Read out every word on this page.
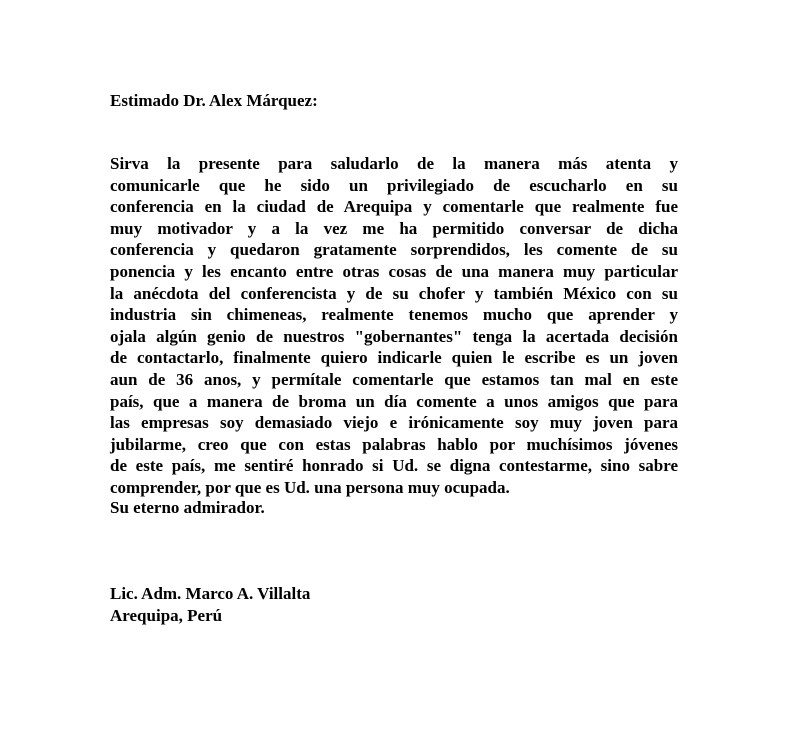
Estimado Dr. Alex Márquez:

Sirva la presente para saludarlo de la manera más atenta y
comunicarle que he sido un privilegiado de escucharlo en su
conferencia en la ciudad de Arequipa y comentarle que realmente fue
muy motivador y a la vez me ha permitido conversar de dicha
conferencia y quedaron gratamente sorprendidos, les comente de su
ponencia y les encanto entre otras cosas de una manera muy particular
la anécdota del conferencista y de su chofer y también México con su
industria sin chimeneas, realmente tenemos mucho que aprender y
ojala algún genio de nuestros "gobernantes" tenga la acertada decisión
de contactarlo, finalmente quiero indicarle quien le escribe es un joven
aun de 36 anos, y permítale comentarle que estamos tan mal en este
país, que a manera de broma un día comente a unos amigos que para
las empresas soy demasiado viejo e irónicamente soy muy joven para
jubilarme, creo que con estas palabras hablo por muchísimos jóvenes
de este país, me sentiré honrado si Ud. se digna contestarme, sino sabre
comprender, por que es Ud. una persona muy ocupada.

Su eterno admirador.

Lic. Adm. Marco A. Villalta
Arequipa, Perú
